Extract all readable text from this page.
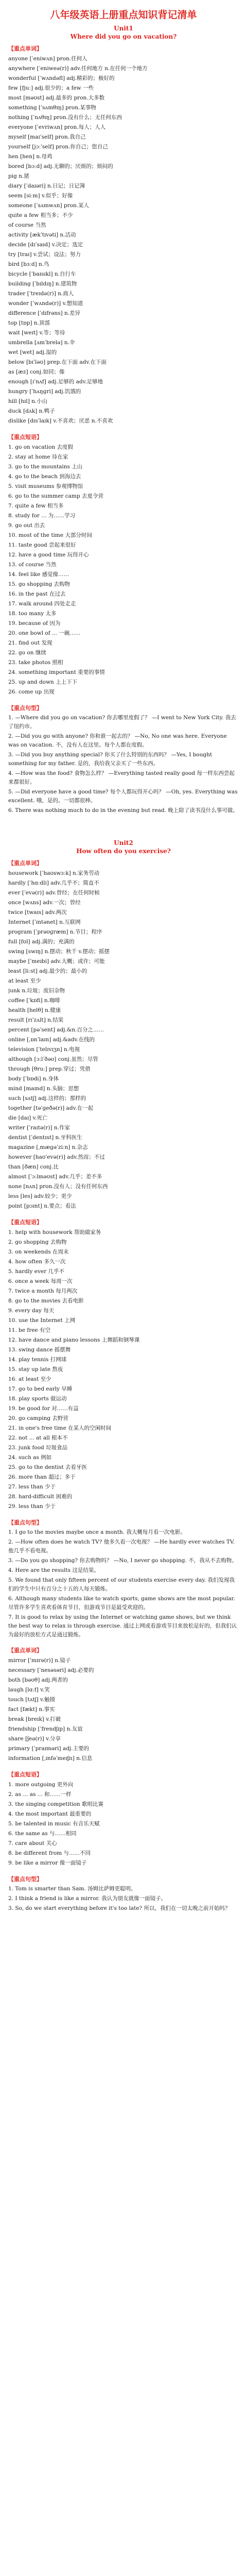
八年级英语上册重点知识背记清单
Unit1
Where did you go on vacation?
【重点单词】
anyone [ˈeniwʌn] pron.任何人
anywhere [ˈeniweə(r)] adv.任何地方 n.在任何一个地方
wonderful [ˈwʌndəfl] adj.精彩的；极好的
few [fjuː] adj.很少的；a few 一些
most [məʊst] adj.最多的 pron.大多数
something [ˈsʌmθɪŋ] pron.某事物
nothing [ˈnʌθɪŋ] pron.没有什么；无任何东西
everyone [ˈevriwʌn] pron.每人；人人
myself [maɪˈself] pron.我自己
yourself [jɔːˈself] pron.你自己；您自己
hen [hen] n.母鸡
bored [bɔːd] adj.无聊的；厌烦的；烦闷的
pig n.猪
diary [ˈdaɪəri] n.日记；日记簿
seem [siːm] v.似乎；好像
someone [ˈsʌmwʌn] pron.某人
quite a few 相当多；不少
of course 当然
activity [ækˈtɪvəti] n.活动
decide [dɪˈsaɪd] v.决定；选定
try [traɪ] v.尝试；设法；努力
bird [bɜːd] n.鸟
bicycle [ˈbaɪsɪkl] n.自行车
building [ˈbɪldɪŋ] n.建筑物
trader [ˈtreɪdə(r)] n.商人
wonder [ˈwʌndə(r)] v.想知道
difference [ˈdɪfrəns] n.差异
top [tɒp] n.顶部
wait [weɪt] v.等；等待
umbrella [ʌmˈbrelə] n.伞
wet [wet] adj.湿的
below [bɪˈləʊ] prep.在下面 adv.在下面
as [æz] conj.如同；像
enough [ɪˈnʌf] adj.足够的 adv.足够地
hungry [ˈhʌŋɡri] adj.饥饿的
hill [hɪl] n.小山
duck [dʌk] n.鸭子
dislike [dɪsˈlaɪk] v.不喜欢；厌恶 n.不喜欢
【重点短语】
1. go on vacation 去度假
2. stay at home 待在家
3. go to the mountains 上山
4. go to the beach 到海边去
5. visit museums 参观博物馆
6. go to the summer camp 去夏令营
7. quite a few 相当多
8. study for ... 为……学习
9. go out 出去
10. most of the time 大部分时间
11. taste good 尝起来很好
12. have a good time 玩得开心
13. of course 当然
14. feel like 感觉像……
15. go shopping 去购物
16. in the past 在过去
17. walk around 四处走走
18. too many 太多
19. because of 因为
20. one bowl of ... 一碗……
21. find out 发现
22. go on 继续
23. take photos 照相
24. something important 重要的事情
25. up and down 上上下下
26. come up 出现
【重点句型】
1. —Where did you go on vacation? 你去哪里度假了？ —I went to New York City. 我去了纽约市。
2. —Did you go with anyone? 你和谁一起去的？ —No, No one was here. Everyone was on vacation. 不，没有人在这里。每个人都在度假。
3. —Did you buy anything special? 你买了什么特别的东西吗？ —Yes, I bought something for my father. 是的，我给我父亲买了一些东西。
4. —How was the food? 食物怎么样？ —Everything tasted really good 每一样东西尝起来都很好。
5. —Did everyone have a good time? 每个人都玩得开心吗？ —Oh, yes. Everything was excellent. 哦，是的。一切都很棒。
6. There was nothing much to do in the evening but read. 晚上除了读书没什么事可做。
Unit2
How often do you exercise?
【重点单词】
housework [ˈhaʊswɜːk] n.家务劳动
hardly [ˈhɑːdli] adv.几乎不；简直不
ever [ˈevə(r)] adv.曾经；在任何时候
once [wʌns] adv.一次；曾经
twice [twaɪs] adv.两次
Internet [ˈɪntənet] n.互联网
program [ˈprəʊɡræm] n.节目；程序
full [fʊl] adj.满的；充满的
swing [swɪŋ] n.摆动；秋千 v.摆动；摇摆
maybe [ˈmeɪbi] adv.大概；或许；可能
least [liːst] adj.最少的；最小的
at least 至少
junk n.垃圾；废旧杂物
coffee [ˈkɒfi] n.咖啡
health [helθ] n.健康
result [rɪˈzʌlt] n.结果
percent [pəˈsent] adj.&n.百分之……
online [ˌɒnˈlaɪn] adj.&adv.在线的
television [ˈtelɪvɪʒn] n.电视
although [ɔːlˈðəʊ] conj.虽然；尽管
through [θruː] prep.穿过；凭借
body [ˈbɒdi] n.身体
mind [maɪnd] n.头脑；思想
such [sʌtʃ] adj.这样的；那样的
together [təˈɡeðə(r)] adv.在一起
die [daɪ] v.死亡
writer [ˈraɪtə(r)] n.作家
dentist [ˈdentɪst] n.牙科医生
magazine [ˌmæɡəˈziːn] n.杂志
however [haʊˈevə(r)] adv.然而；不过
than [ðæn] conj.比
almost [ˈɔːlməʊst] adv.几乎；差不多
none [nʌn] pron.没有人；没有任何东西
less [les] adv.较少；更少
point [pɔɪnt] n.要点；看法
【重点短语】
1. help with housework 帮助做家务
2. go shopping 去购物
3. on weekends 在周末
4. how often 多久一次
5. hardly ever 几乎不
6. once a week 每周一次
7. twice a month 每月两次
8. go to the movies 去看电影
9. every day 每天
10. use the Internet 上网
11. be free 有空
12. have dance and piano lessons 上舞蹈和钢琴课
13. swing dance 摇摆舞
14. play tennis 打网球
15. stay up late 熬夜
16. at least 至少
17. go to bed early 早睡
18. play sports 做运动
19. be good for 对……有益
20. go camping 去野营
21. in one's free time 在某人的空闲时间
22. not ... at all 根本不
23. junk food 垃圾食品
24. such as 例如
25. go to the dentist 去看牙医
26. more than 超过；多于
27. less than 少于
28. hard-difficult 困难的
29. less than 少于
【重点句型】
1. I go to the movies maybe once a month. 我大概每月看一次电影。
2. —How often does he watch TV? 他多久看一次电视？ —He hardly ever watches TV. 他几乎不看电视。
3. —Do you go shopping? 你去购物吗？ —No, I never go shopping. 不，我从不去购物。
4. Here are the results 这是结果。
5. We found that only fifteen percent of our students exercise every day. 我们发现我们的学生中只有百分之十五的人每天锻炼。
6. Although many students like to watch sports, game shows are the most popular. 尽管许多学生喜欢看体育节目，但游戏节目是最受欢迎的。
7. It is good to relax by using the Internet or watching game shows, but we think the best way to relax is through exercise. 通过上网或看游戏节目来放松是好的，但我们认为最好的放松方式是通过锻炼。
【重点单词】
mirror [ˈmɪrə(r)] n.镜子
necessary [ˈnesəsəri] adj.必要的
both [bəʊθ] adj.两者的
laugh [lɑːf] v.笑
touch [tʌtʃ] v.触摸
fact [fækt] n.事实
break [breɪk] v.打破
friendship [ˈfrendʃɪp] n.友谊
share [ʃeə(r)] v.分享
primary [ˈpraɪməri] adj.主要的
information [ˌɪnfəˈmeɪʃn] n.信息
【重点短语】
1. more outgoing 更外向
2. as ... as ... 和……一样
3. the singing competition 歌唱比赛
4. the most important 最重要的
5. be talented in music 有音乐天赋
6. the same as 与……相同
7. care about 关心
8. be different from 与……不同
9. be like a mirror 像一面镜子
【重点句型】
1. Tom is smarter than Sam. 汤姆比萨姆更聪明。
2. I think a friend is like a mirror. 我认为朋友就像一面镜子。
3. So, do we start everything before it's too late? 所以，我们在一切太晚之前开始吗？
